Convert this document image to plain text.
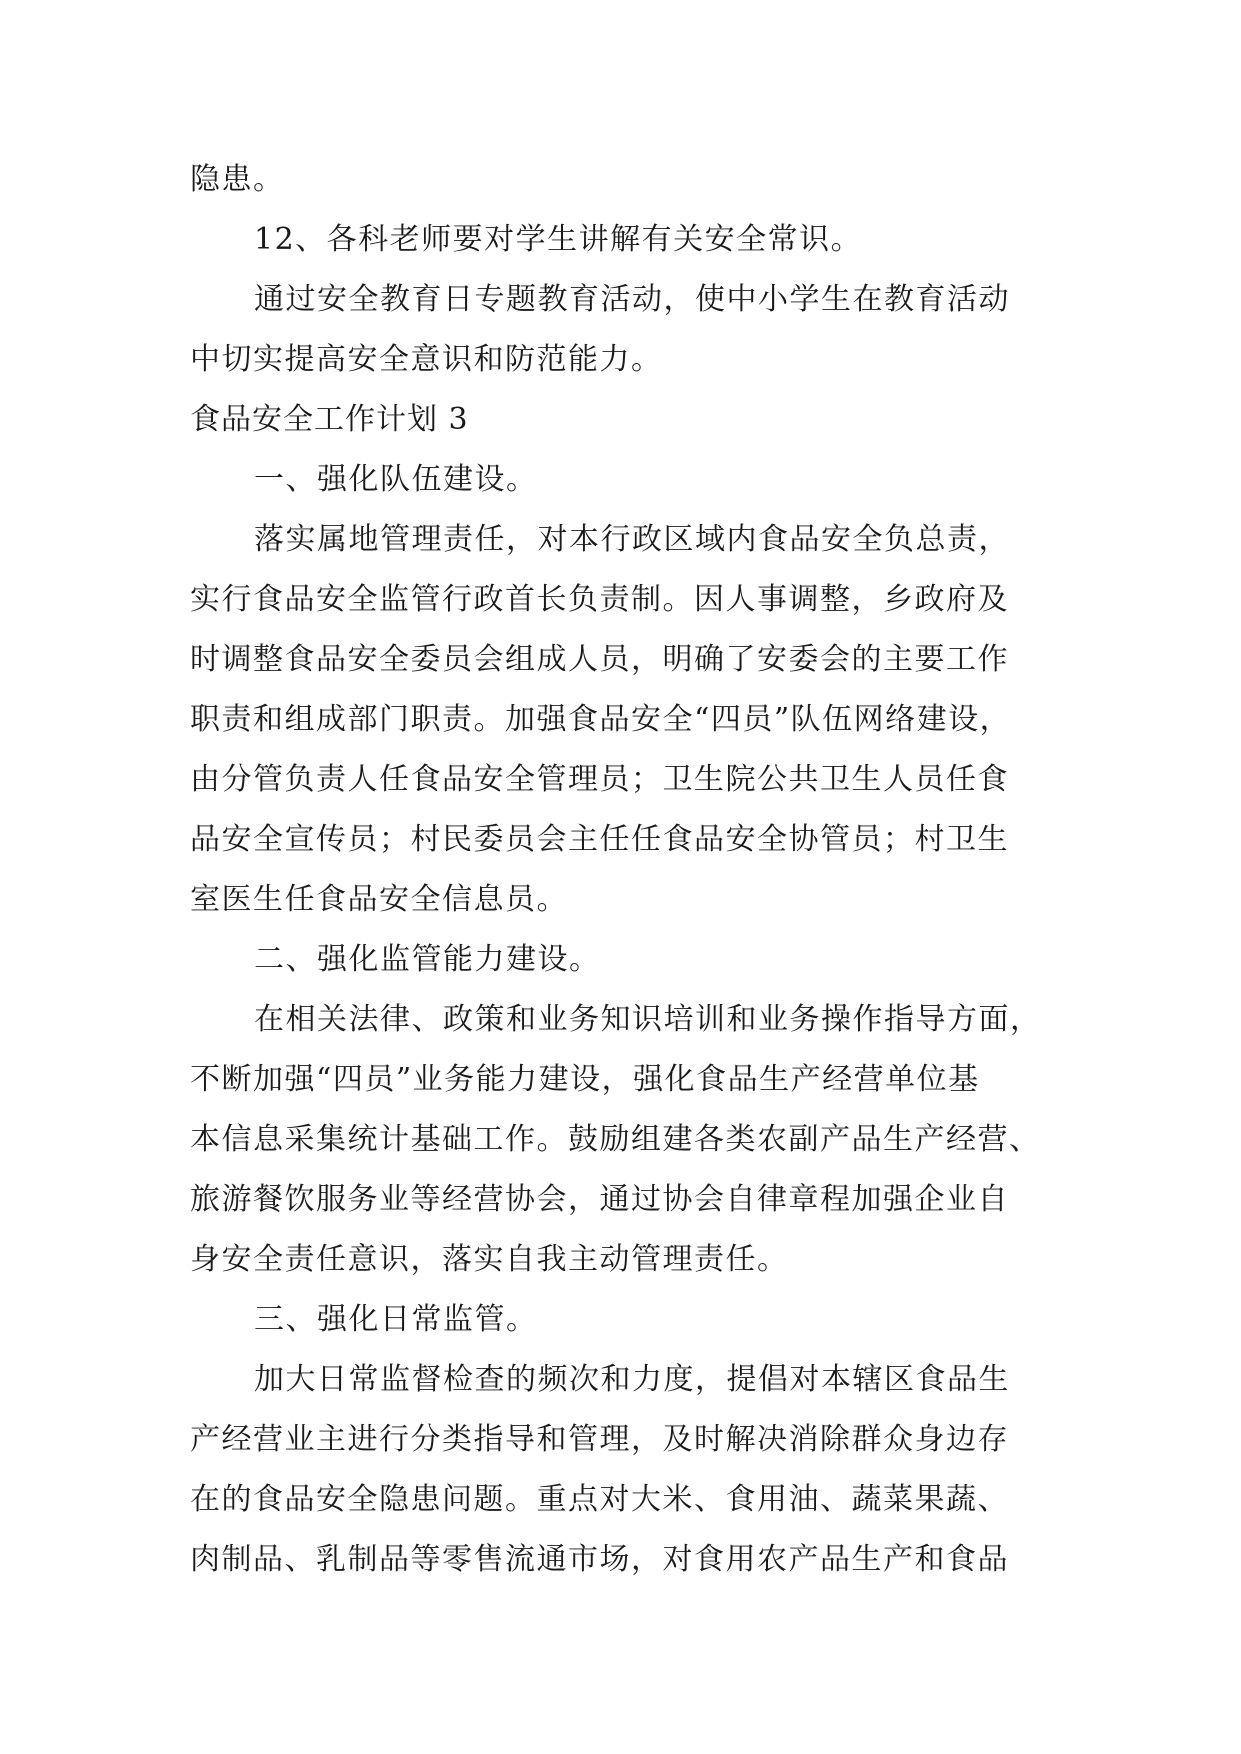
隐患。
12、各科老师要对学生讲解有关安全常识。
通过安全教育日专题教育活动，使中小学生在教育活动
中切实提高安全意识和防范能力。
食品安全工作计划 3
一、强化队伍建设。
落实属地管理责任，对本行政区域内食品安全负总责，
实行食品安全监管行政首长负责制。因人事调整，乡政府及
时调整食品安全委员会组成人员，明确了安委会的主要工作
职责和组成部门职责。加强食品安全“四员”队伍网络建设，
由分管负责人任食品安全管理员；卫生院公共卫生人员任食
品安全宣传员；村民委员会主任任食品安全协管员；村卫生
室医生任食品安全信息员。
二、强化监管能力建设。
在相关法律、政策和业务知识培训和业务操作指导方面，
不断加强“四员”业务能力建设，强化食品生产经营单位基
本信息采集统计基础工作。鼓励组建各类农副产品生产经营、
旅游餐饮服务业等经营协会，通过协会自律章程加强企业自
身安全责任意识，落实自我主动管理责任。
三、强化日常监管。
加大日常监督检查的频次和力度，提倡对本辖区食品生
产经营业主进行分类指导和管理，及时解决消除群众身边存
在的食品安全隐患问题。重点对大米、食用油、蔬菜果蔬、
肉制品、乳制品等零售流通市场，对食用农产品生产和食品
